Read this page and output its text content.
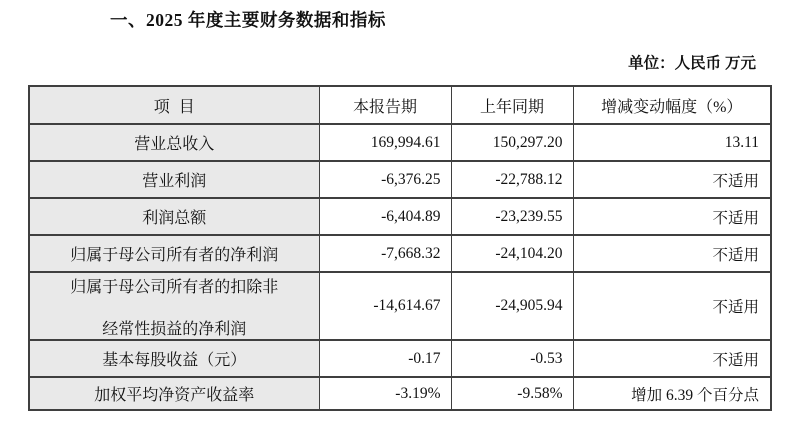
一、2025 年度主要财务数据和指标
单位：人民币 万元
项目	本报告期	上年同期	增减变动幅度（%）

营业总收入	169,994.61	150,297.20	13.11

营业利润	-6,376.25	-22,788.12	不适用

利润总额	-6,404.89	-23,239.55	不适用

归属于母公司所有者的净利润	-7,668.32	-24,104.20	不适用

归属于母公司所有者的扣除非
经常性损益的净利润	-14,614.67	-24,905.94	不适用

基本每股收益（元）	-0.17	-0.53	不适用

加权平均净资产收益率	-3.19%	-9.58%	增加 6.39 个百分点
